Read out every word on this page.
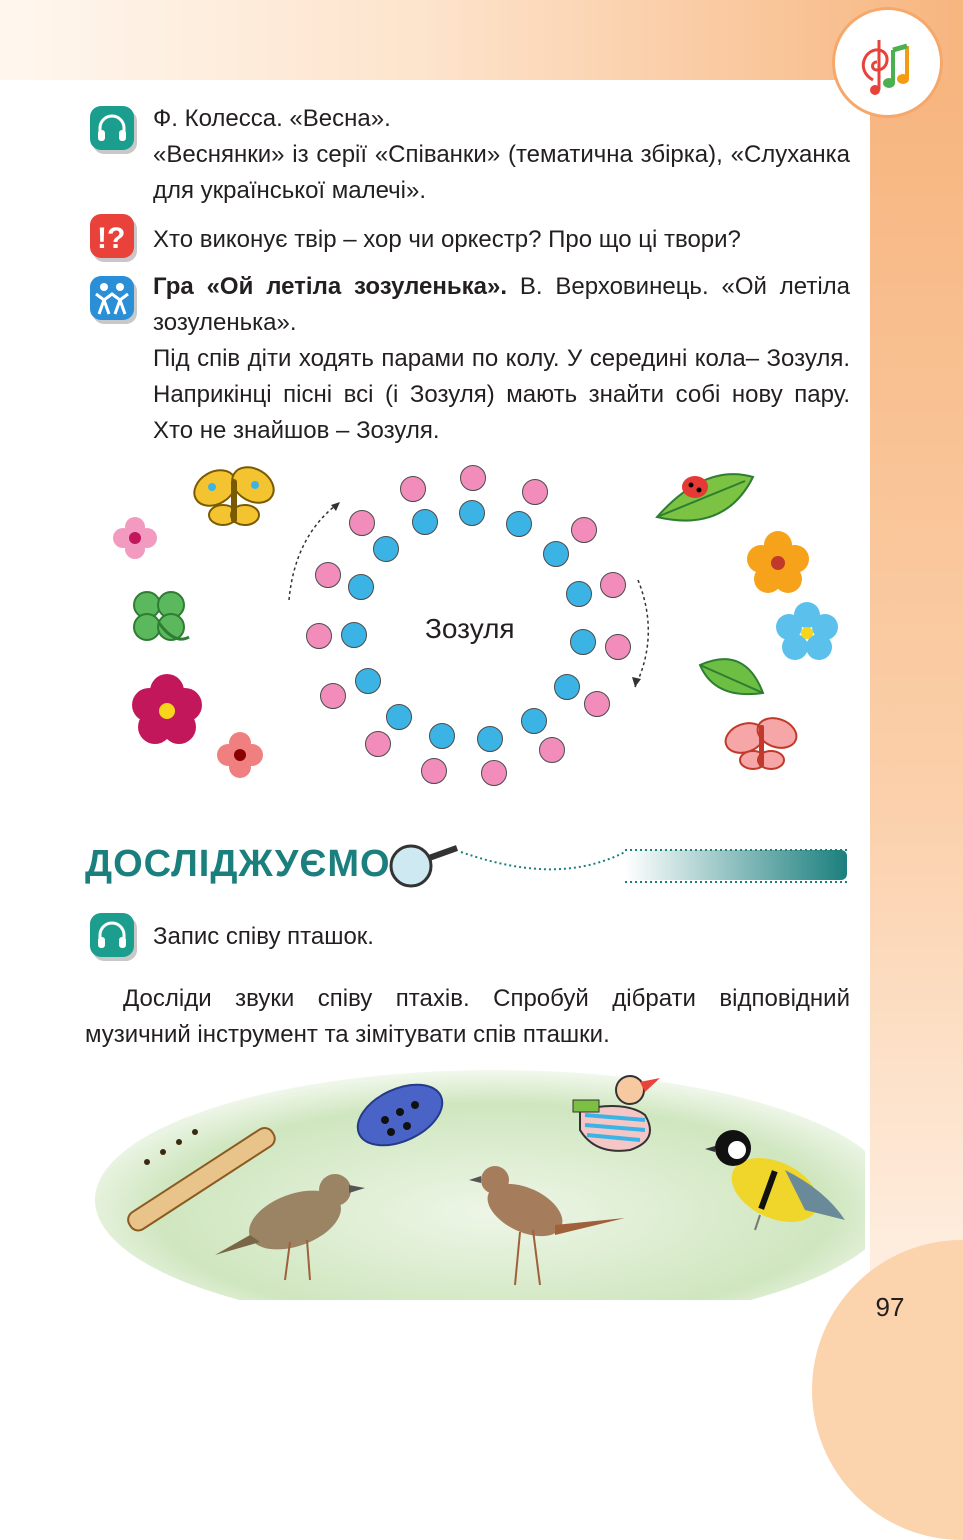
Ф. Колесса. «Весна».

«Веснянки» із серії «Співанки» (тематична збірка), «Слуханка для української малечі».

!? Хто виконує твір – хор чи оркестр? Про що ці твори?

Гра «Ой летіла зозуленька». В. Верховинець. «Ой летіла зозуленька».

Під спів діти ходять парами по колу. У середині кола– Зозуля. Наприкінці пісні всі (і Зозуля) мають знайти собі нову пару. Хто не знайшов – Зозуля.

Зозуля
ДОСЛІДЖУЄМО

Запис співу пташок.

Досліди звуки співу птахів. Спробуй дібрати відповідний музичний інструмент та зімітувати спів пташки.

97
